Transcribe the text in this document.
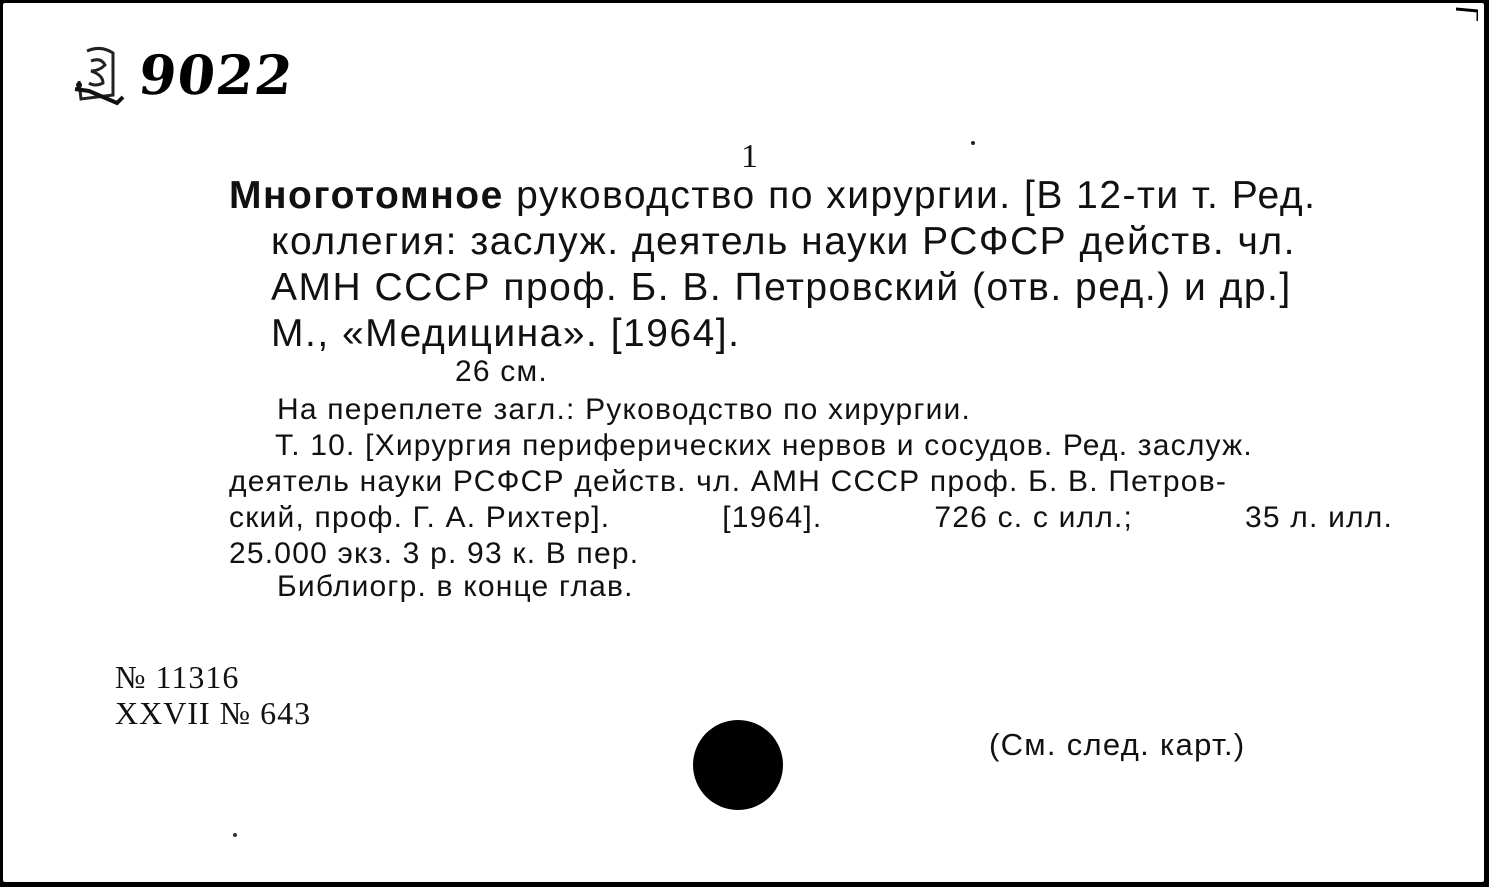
9022
1
Многотомное руководство по хирургии. [В 12-ти т. Ред.
коллегия: заслуж. деятель науки РСФСР действ. чл.
АМН СССР проф. Б. В. Петровский (отв. ред.) и др.]
М., «Медицина». [1964].
26 см.
На переплете загл.: Руководство по хирургии.
Т. 10. [Хирургия периферических нервов и сосудов. Ред. заслуж.
деятель науки РСФСР действ. чл. АМН СССР проф. Б. В. Петров-
ский, проф. Г. А. Рихтер].	[1964].	726 с. с илл.;	35 л. илл.
25.000 экз. 3 р. 93 к. В пер.
Библиогр. в конце глав.
№ 11316
XXVII № 643
(См. след. карт.)
